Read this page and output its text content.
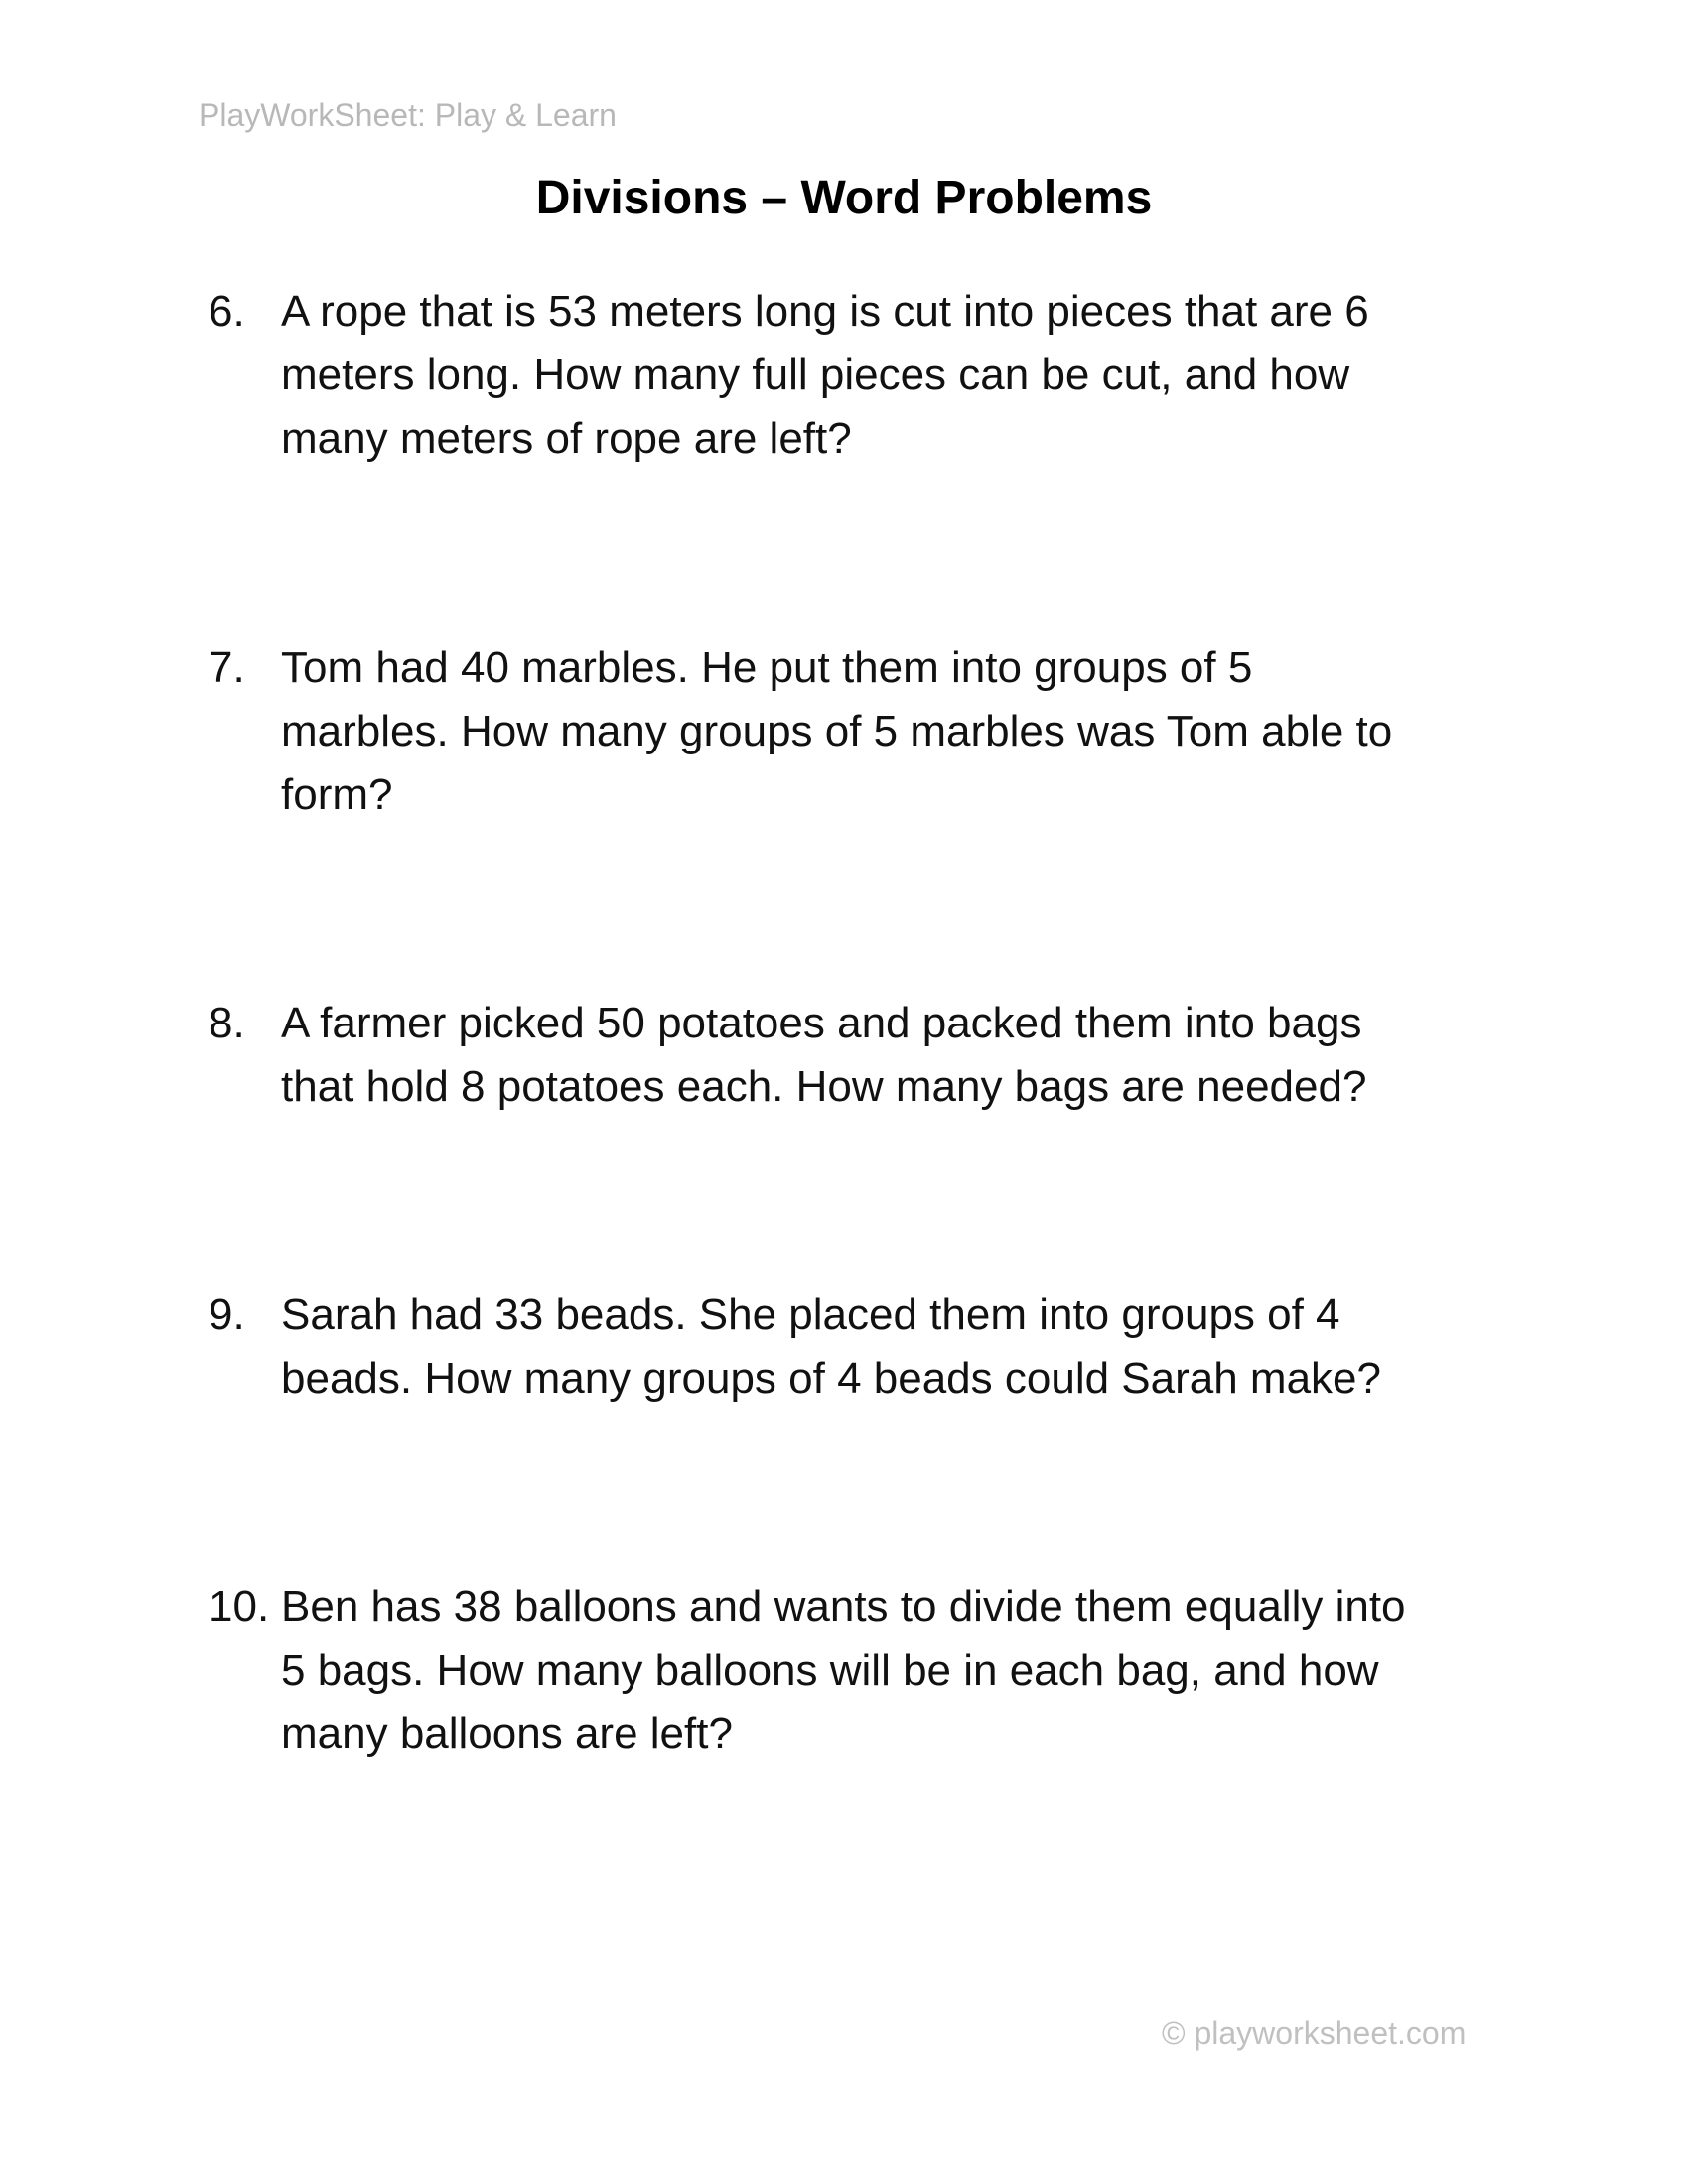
PlayWorkSheet: Play & Learn
Divisions – Word Problems
6. A rope that is 53 meters long is cut into pieces that are 6
meters long. How many full pieces can be cut, and how
many meters of rope are left?
7. Tom had 40 marbles. He put them into groups of 5
marbles. How many groups of 5 marbles was Tom able to
form?
8. A farmer picked 50 potatoes and packed them into bags
that hold 8 potatoes each. How many bags are needed?
9. Sarah had 33 beads. She placed them into groups of 4
beads. How many groups of 4 beads could Sarah make?
10. Ben has 38 balloons and wants to divide them equally into
5 bags. How many balloons will be in each bag, and how
many balloons are left?
© playworksheet.com
